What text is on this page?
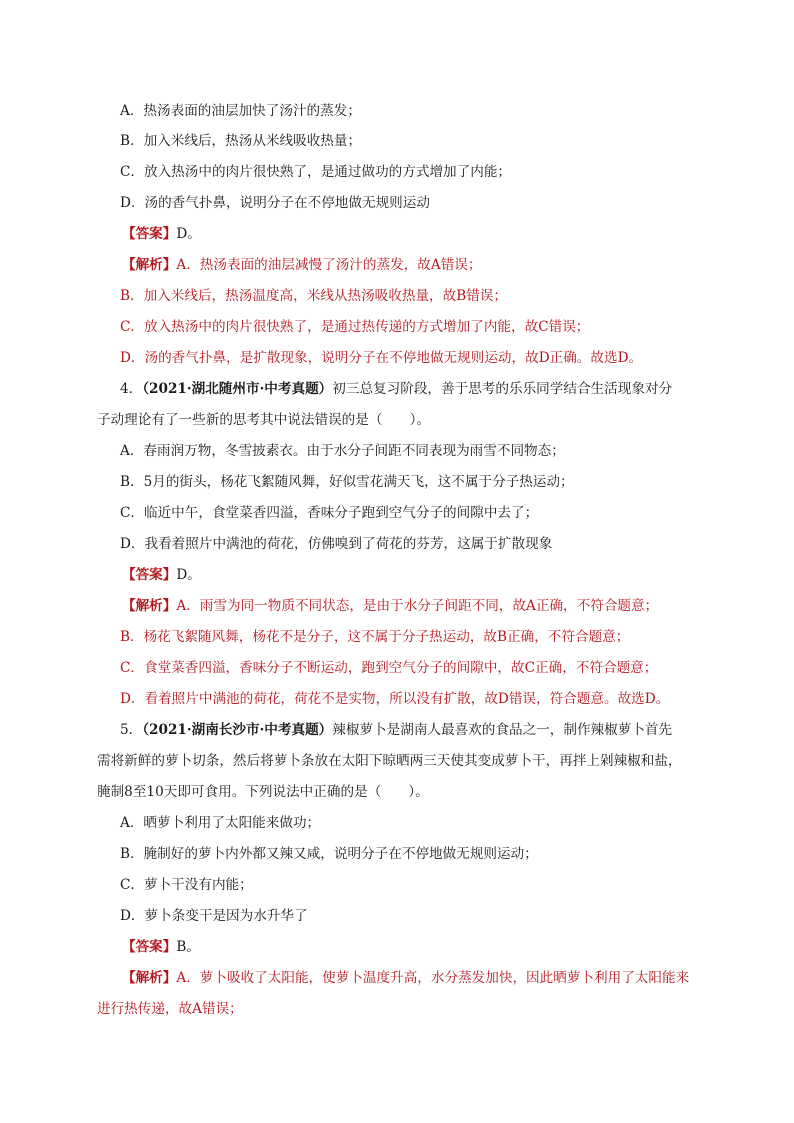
A．热汤表面的油层加快了汤汁的蒸发；
B．加入米线后，热汤从米线吸收热量；
C．放入热汤中的肉片很快熟了，是通过做功的方式增加了内能；
D．汤的香气扑鼻，说明分子在不停地做无规则运动
【答案】D。
【解析】A．热汤表面的油层减慢了汤汁的蒸发，故A错误；
B．加入米线后，热汤温度高，米线从热汤吸收热量，故B错误；
C．放入热汤中的肉片很快熟了，是通过热传递的方式增加了内能，故C错误；
D．汤的香气扑鼻，是扩散现象，说明分子在不停地做无规则运动，故D正确。故选D。
4．（2021·湖北随州市·中考真题）初三总复习阶段，善于思考的乐乐同学结合生活现象对分
子动理论有了一些新的思考其中说法错误的是（　　）。
A．春雨润万物，冬雪披素衣。由于水分子间距不同表现为雨雪不同物态；
B．5月的街头，杨花飞絮随风舞，好似雪花满天飞，这不属于分子热运动；
C．临近中午，食堂菜香四溢，香味分子跑到空气分子的间隙中去了；
D．我看着照片中满池的荷花，仿佛嗅到了荷花的芬芳，这属于扩散现象
【答案】D。
【解析】A．雨雪为同一物质不同状态，是由于水分子间距不同，故A正确，不符合题意；
B．杨花飞絮随风舞，杨花不是分子，这不属于分子热运动，故B正确，不符合题意；
C．食堂菜香四溢，香味分子不断运动，跑到空气分子的间隙中，故C正确，不符合题意；
D．看着照片中满池的荷花，荷花不是实物，所以没有扩散，故D错误，符合题意。故选D。
5．（2021·湖南长沙市·中考真题）辣椒萝卜是湖南人最喜欢的食品之一，制作辣椒萝卜首先
需将新鲜的萝卜切条，然后将萝卜条放在太阳下晾晒两三天使其变成萝卜干，再拌上剁辣椒和盐，
腌制8至10天即可食用。下列说法中正确的是（　　）。
A．晒萝卜利用了太阳能来做功；
B．腌制好的萝卜内外都又辣又咸，说明分子在不停地做无规则运动；
C．萝卜干没有内能；
D．萝卜条变干是因为水升华了
【答案】B。
【解析】A．萝卜吸收了太阳能，使萝卜温度升高，水分蒸发加快，因此晒萝卜利用了太阳能来
进行热传递，故A错误；
